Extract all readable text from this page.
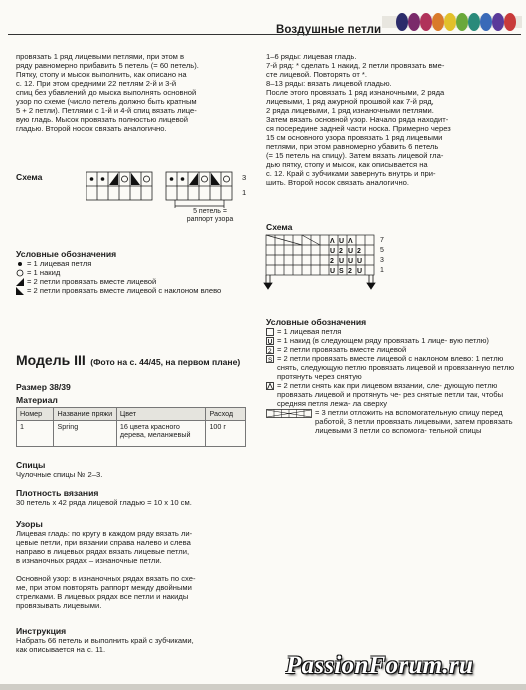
Воздушные петли

провязать 1 ряд лицевыми петлями, при этом в

ряду равномерно прибавить 5 петель (= 60 петель).

Пятку, стопу и мысок выполнить, как описано на

с. 12. При этом средними 22 петлям 2-й и 3-й

спиц без убавлений до мыска выполнять основной

узор по схеме (число петель должно быть кратным

5 + 2 петли). Петлями с 1-й и 4-й спиц вязать лице-

вую гладь. Мысок провязать полностью лицевой

гладью. Второй носок связать аналогично.

Схема	3
1
5 петель = раппорт узора

Условные обозначения

= 1 лицевая петля
= 1 накид
= 2 петли провязать вместе лицевой
= 2 петли провязать вместе лицевой с наклоном влево
Модель III (Фото на с. 44/45, на первом плане)
Размер 38/39
Материал
Номер	Название пряжи	Цвет	Расход
1	Spring	16 цвета красного дерева, меланжевый	100 г

Спицы

Чулочные спицы № 2–3.

Плотность вязания

30 петель х 42 ряда лицевой гладью = 10 х 10 см.

Узоры

Лицевая гладь: по кругу в каждом ряду вязать ли-

цевые петли, при вязании справа налево и слева

направо в лицевых рядах вязать лицевые петли,

в изнаночных рядах – изнаночные петли.

Основной узор: в изнаночных рядах вязать по схе-

ме, при этом повторять раппорт между двойными

стрелками. В лицевых рядах все петли и накиды

провязывать лицевыми.

Инструкция

Набрать 66 петель и выполнить край с зубчиками,

как описывается на с. 11.

1–6 ряды: лицевая гладь.

7-й ряд: * сделать 1 накид, 2 петли провязать вме-

сте лицевой. Повторять от *.

8–13 ряды: вязать лицевой гладью.

После этого провязать 1 ряд изнаночными, 2 ряда

лицевыми, 1 ряд ажурной прошвой как 7-й ряд,

2 ряда лицевыми, 1 ряд изнаночными петлями.

Затем вязать основной узор. Начало ряда находит-

ся посередине задней части носка. Примерно через

15 см основного узора провязать 1 ряд лицевыми

петлями, при этом равномерно убавить 6 петель

(= 15 петель на спицу). Затем вязать лицевой гла-

дью пятку, стопу и мысок, как описывается на

с. 12. Край с зубчиками завернуть внутрь и при-

шить. Второй носок связать аналогично.

Схема
Ʌ U Ʌ
U 2 U 2
2 U U U
U S 2 U
7
5
3
1

Условные обозначения

= 1 лицевая петля
= 1 накид (в следующем ряду провязать 1 лице- вую петлю)
2 = 2 петли провязать вместе лицевой
S = 2 петли провязать вместе лицевой с наклоном влево: 1 петлю снять, следующую петлю провязать лицевой и провязанную петлю протянуть через снятую
= 2 петли снять как при лицевом вязании, сле- дующую петлю провязать лицевой и протянуть че- рез снятые петли так, чтобы средняя петля лежа- ла сверху
= 3 петли отложить на вспомогательную спицу перед работой, 3 петли провязать лицевыми, затем провязать лицевыми 3 петли со вспомога- тельной спицы
PassionForum.ru
